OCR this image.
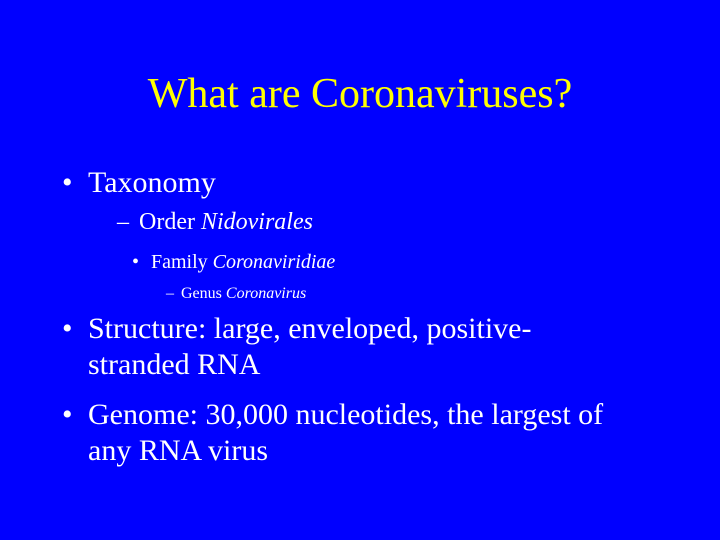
What are Coronaviruses?
• Taxonomy
– Order Nidovirales
• Family Coronaviridiae
– Genus Coronavirus
• Structure: large, enveloped, positive-
stranded RNA
• Genome: 30,000 nucleotides, the largest of
any RNA virus
